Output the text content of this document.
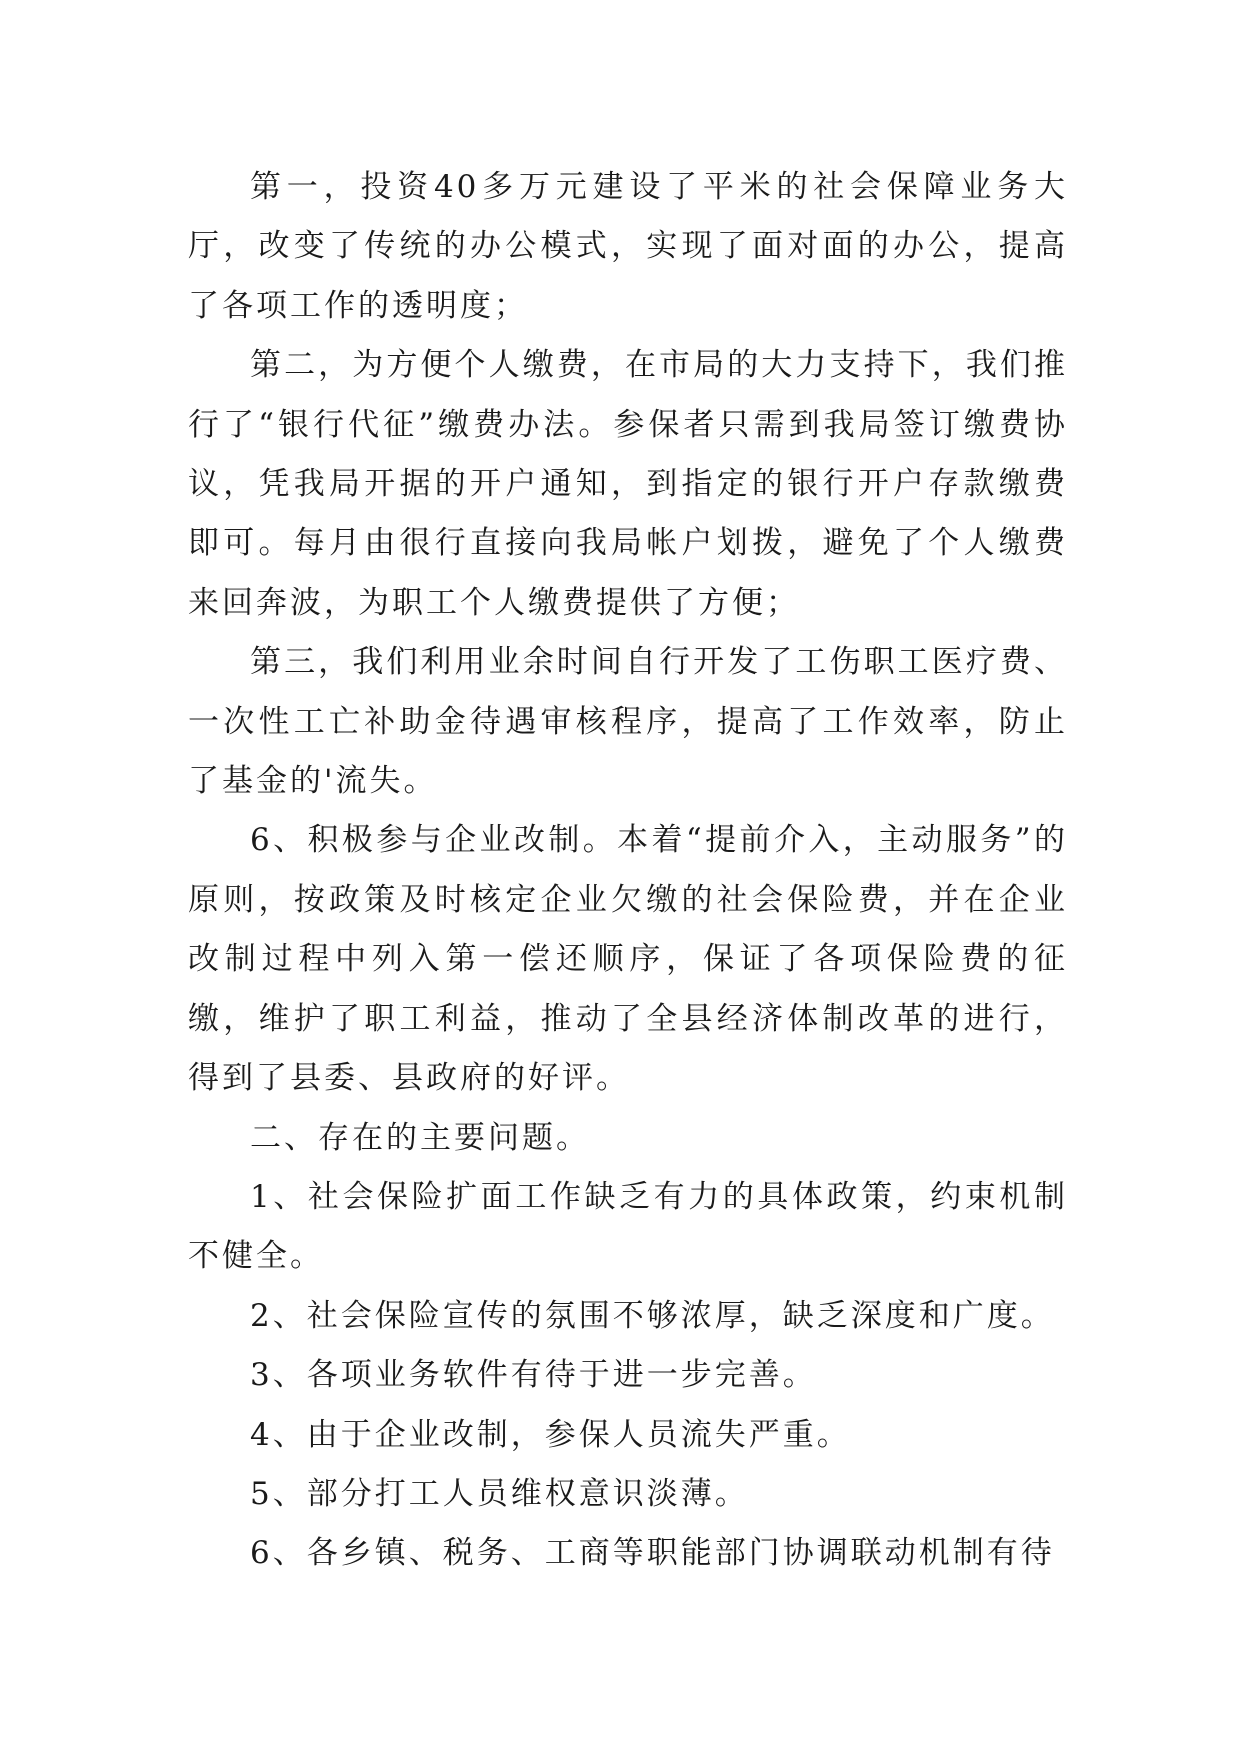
第一，投资40多万元建设了平米的社会保障业务大厅，改变了传统的办公模式，实现了面对面的办公，提高了各项工作的透明度；

第二，为方便个人缴费，在市局的大力支持下，我们推行了“银行代征”缴费办法。参保者只需到我局签订缴费协议，凭我局开据的开户通知，到指定的银行开户存款缴费即可。每月由很行直接向我局帐户划拨，避免了个人缴费来回奔波，为职工个人缴费提供了方便；

第三，我们利用业余时间自行开发了工伤职工医疗费、一次性工亡补助金待遇审核程序，提高了工作效率，防止了基金的'流失。

6、积极参与企业改制。本着“提前介入，主动服务”的原则，按政策及时核定企业欠缴的社会保险费，并在企业改制过程中列入第一偿还顺序，保证了各项保险费的征缴，维护了职工利益，推动了全县经济体制改革的进行，得到了县委、县政府的好评。

二、存在的主要问题。

1、社会保险扩面工作缺乏有力的具体政策，约束机制不健全。

2、社会保险宣传的氛围不够浓厚，缺乏深度和广度。

3、各项业务软件有待于进一步完善。

4、由于企业改制，参保人员流失严重。

5、部分打工人员维权意识淡薄。

6、各乡镇、税务、工商等职能部门协调联动机制有待
